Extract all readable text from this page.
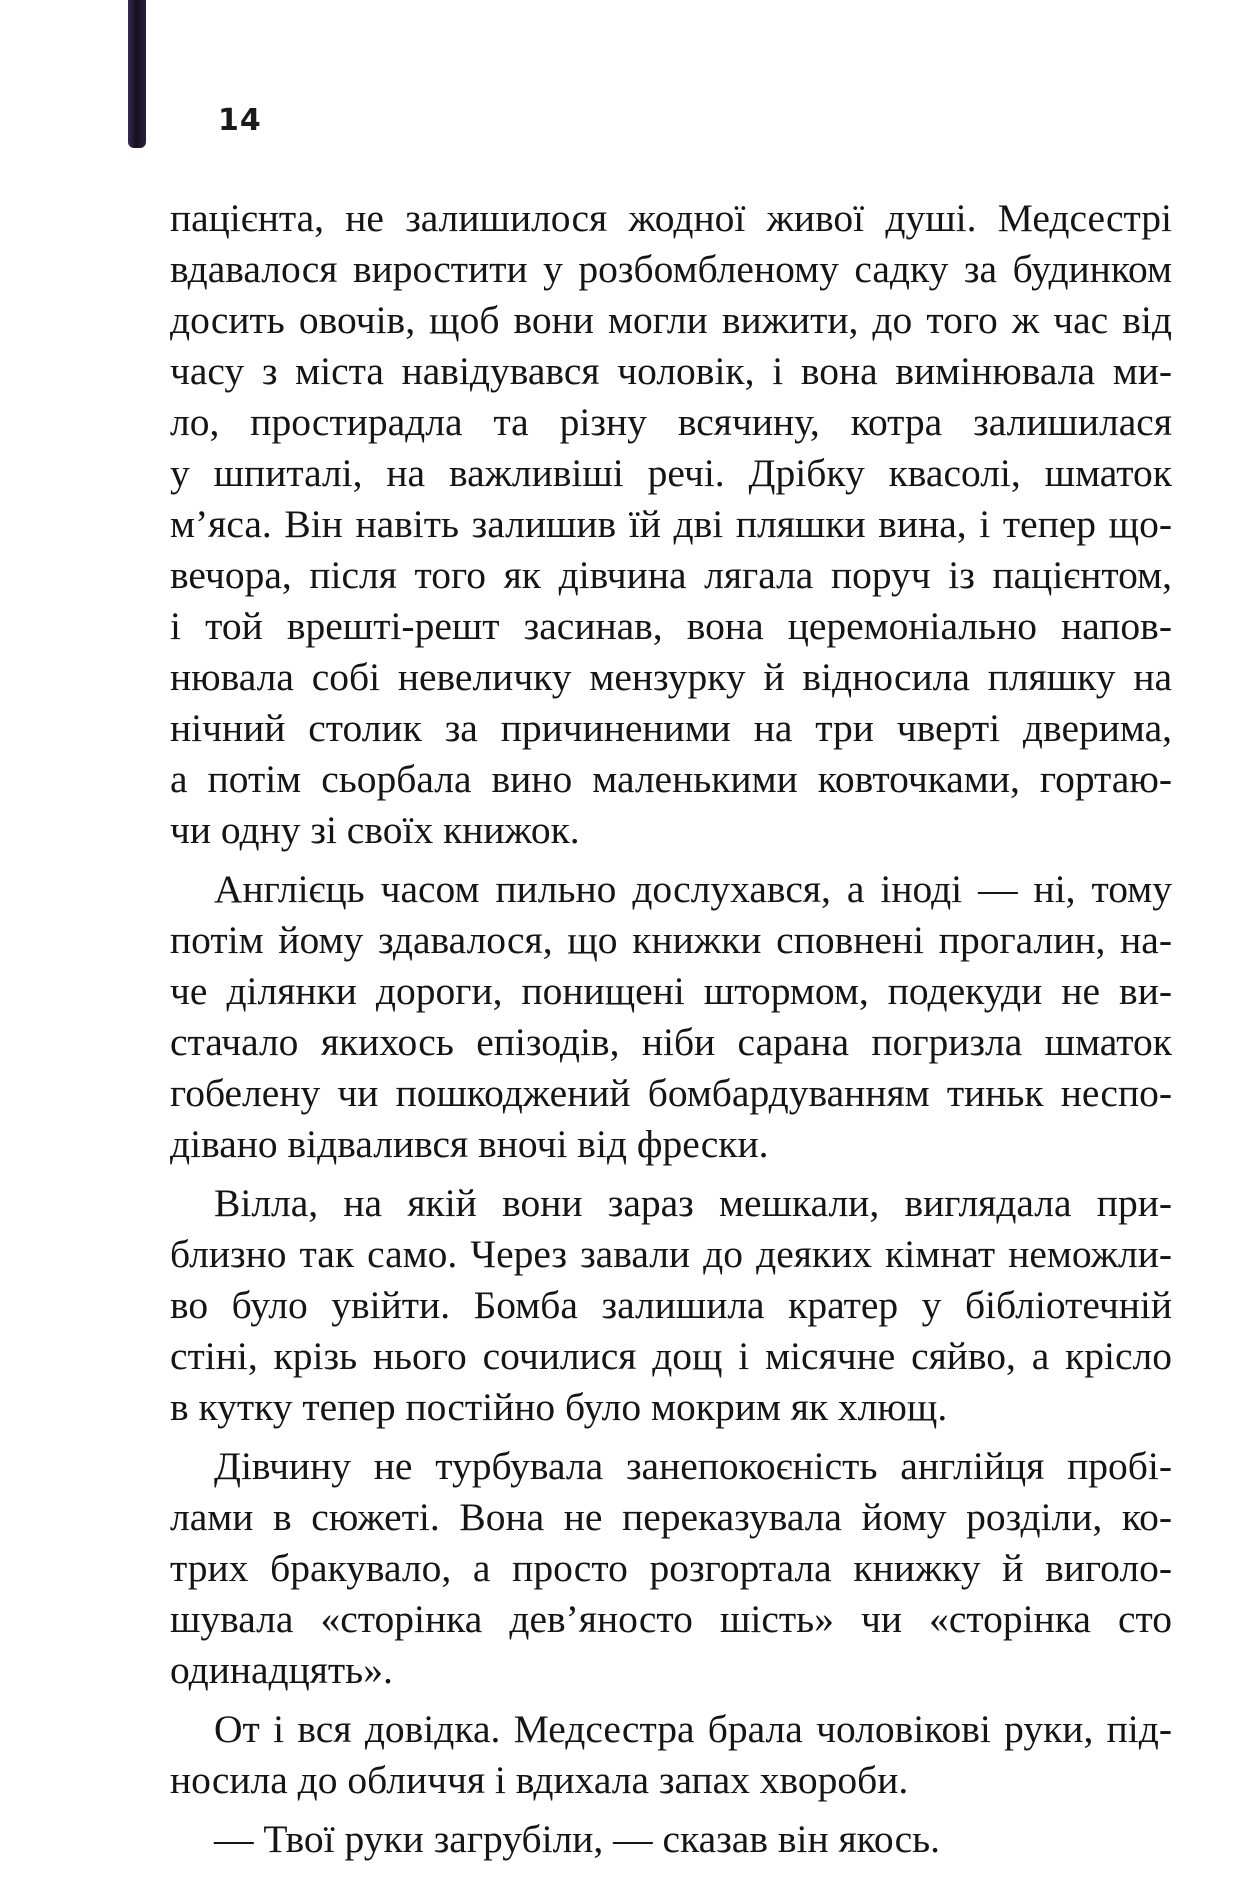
14

пацієнта, не залишилося жодної живої душі. Медсестрі
вдавалося виростити у розбомбленому садку за будинком
досить овочів, щоб вони могли вижити, до того ж час від
часу з міста навідувався чоловік, і вона вимінювала ми-
ло, простирадла та різну всячину, котра залишилася
у шпиталі, на важливіші речі. Дрібку квасолі, шматок
м’яса. Він навіть залишив їй дві пляшки вина, і тепер що-
вечора, після того як дівчина лягала поруч із пацієнтом,
і той врешті-решт засинав, вона церемоніально напов-
нювала собі невеличку мензурку й відносила пляшку на
нічний столик за причиненими на три чверті дверима,
а потім сьорбала вино маленькими ковточками, гортаю-
чи одну зі своїх книжок.

Англієць часом пильно дослухався, а іноді — ні, тому
потім йому здавалося, що книжки сповнені прогалин, на-
че ділянки дороги, понищені штормом, подекуди не ви-
стачало якихось епізодів, ніби сарана погризла шматок
гобелену чи пошкоджений бомбардуванням тиньк неспо-
дівано відвалився вночі від фрески.

Вілла, на якій вони зараз мешкали, виглядала при-
близно так само. Через завали до деяких кімнат неможли-
во було увійти. Бомба залишила кратер у бібліотечній
стіні, крізь нього сочилися дощ і місячне сяйво, а крісло
в кутку тепер постійно було мокрим як хлющ.

Дівчину не турбувала занепокоєність англійця пробі-
лами в сюжеті. Вона не переказувала йому розділи, ко-
трих бракувало, а просто розгортала книжку й виголо-
шувала «сторінка дев’яносто шість» чи «сторінка сто
одинадцять».

От і вся довідка. Медсестра брала чоловікові руки, під-
носила до обличчя і вдихала запах хвороби.

— Твої руки загрубіли, — сказав він якось.
